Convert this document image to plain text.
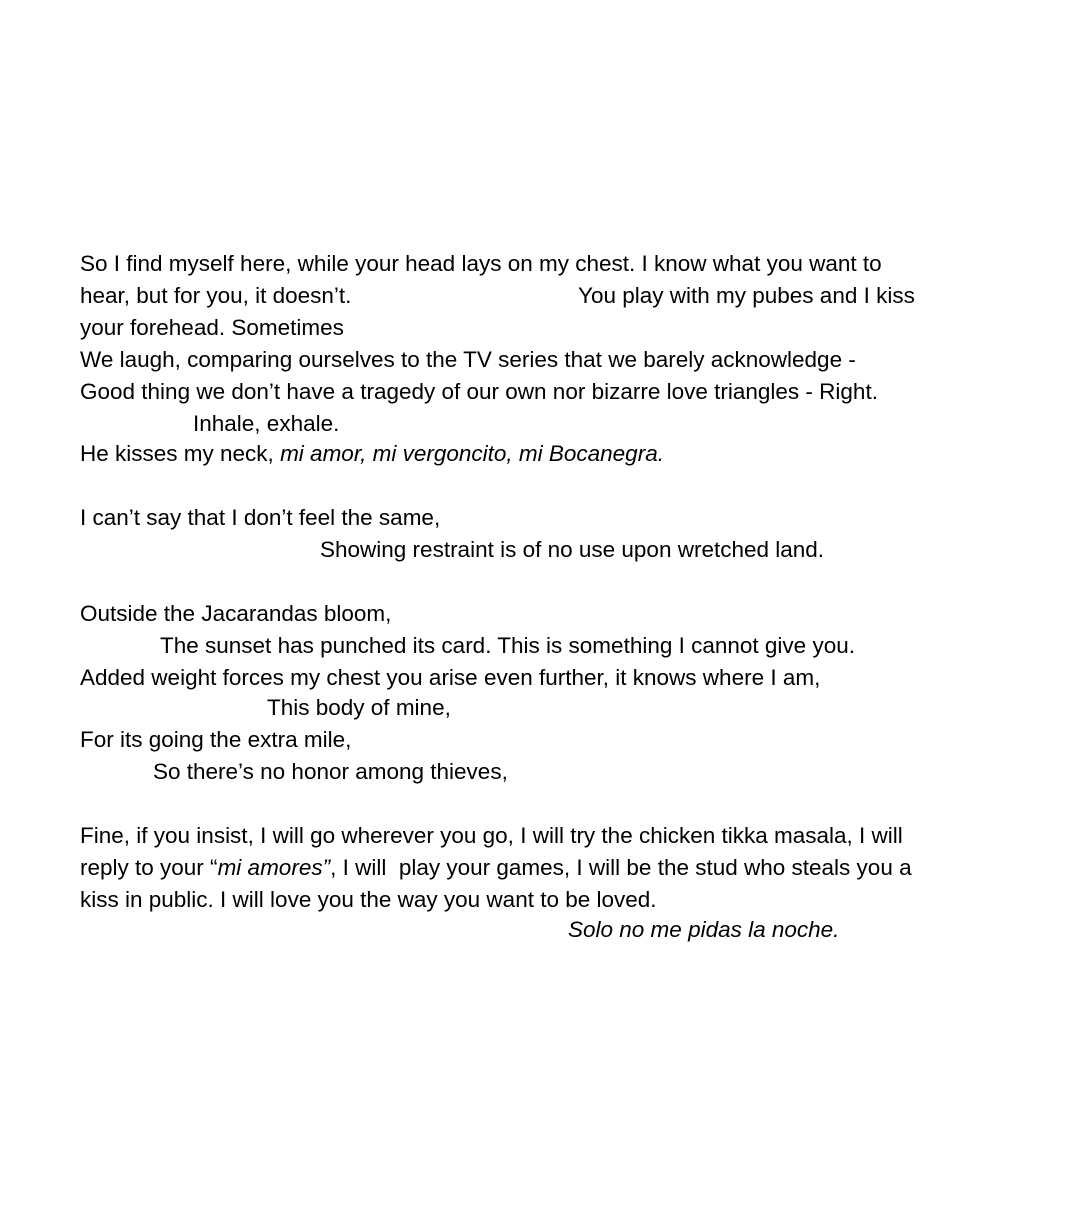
So I find myself here, while your head lays on my chest. I know what you want to
hear, but for you, it doesn’t.	You play with my pubes and I kiss
your forehead. Sometimes
We laugh, comparing ourselves to the TV series that we barely acknowledge -
Good thing we don’t have a tragedy of our own nor bizarre love triangles - Right.
Inhale, exhale.
He kisses my neck, mi amor, mi vergoncito, mi Bocanegra.
I can’t say that I don’t feel the same,
Showing restraint is of no use upon wretched land.
Outside the Jacarandas bloom,
The sunset has punched its card. This is something I cannot give you.
Added weight forces my chest you arise even further, it knows where I am,
This body of mine,
For its going the extra mile,
So there’s no honor among thieves,
Fine, if you insist, I will go wherever you go, I will try the chicken tikka masala, I will
reply to your “mi amores”, I will  play your games, I will be the stud who steals you a
kiss in public. I will love you the way you want to be loved.
Solo no me pidas la noche.
